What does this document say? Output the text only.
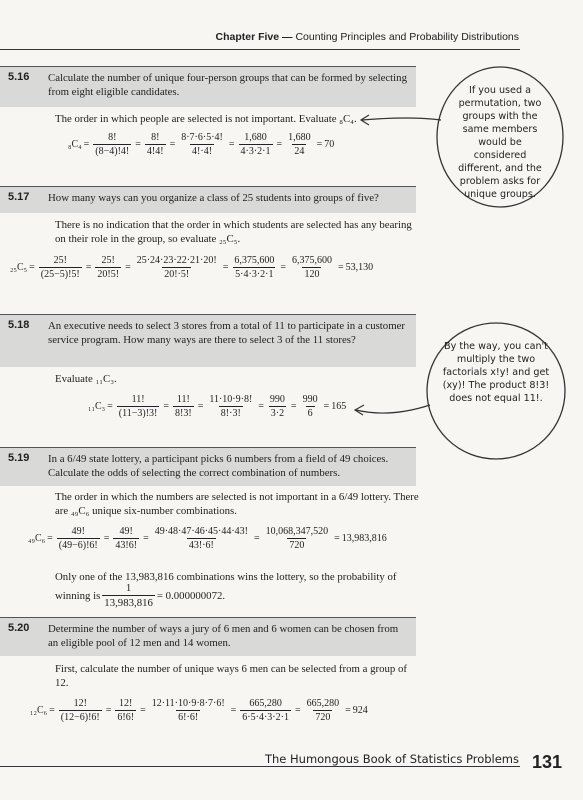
Chapter Five — Counting Principles and Probability Distributions
5.16 Calculate the number of unique four-person groups that can be formed by selecting from eight eligible candidates.
The order in which people are selected is not important. Evaluate ₈C₄.
$_8C_4 = \frac{8!}{(8-4)!4!} = \frac{8!}{4!4!} = \frac{8\cdot 7\cdot 6\cdot 5\cdot 4!}{4!\cdot 4!} = \frac{1,680}{4\cdot 3\cdot 2\cdot 1} = \frac{1,680}{24} = 70$
5.17 How many ways can you organize a class of 25 students into groups of five?
There is no indication that the order in which students are selected has any bearing on their role in the group, so evaluate ₂₅C₅.
$_{25}C_5 = \frac{25!}{(25-5)!5!} = \frac{25!}{20!5!} = \frac{25\cdot 24\cdot 23\cdot 22\cdot 21\cdot 20!}{20!\cdot 5!} = \frac{6,375,600}{5\cdot 4\cdot 3\cdot 2\cdot 1} = \frac{6,375,600}{120} = 53,130$
5.18 An executive needs to select 3 stores from a total of 11 to participate in a customer service program. How many ways are there to select 3 of the 11 stores?
Evaluate ₁₁C₃.
$_{11}C_3 = \frac{11!}{(11-3)!3!} = \frac{11!}{8!3!} = \frac{11\cdot 10\cdot 9\cdot 8!}{8!\cdot 3!} = \frac{990}{3\cdot 2} = \frac{990}{6} = 165$
5.19 In a 6/49 state lottery, a participant picks 6 numbers from a field of 49 choices. Calculate the odds of selecting the correct combination of numbers.
The order in which the numbers are selected is not important in a 6/49 lottery. There are ₄₉C₆ unique six-number combinations.
$_{49}C_6 = \frac{49!}{(49-6)!6!} = \frac{49!}{43!6!} = \frac{49\cdot 48\cdot 47\cdot 46\cdot 45\cdot 44\cdot 43!}{43!\cdot 6!} = \frac{10,068,347,520}{720} = 13,983,816$
Only one of the 13,983,816 combinations wins the lottery, so the probability of
winning is $\frac{1}{13,983,816} = 0.000000072$.
5.20 Determine the number of ways a jury of 6 men and 6 women can be chosen from an eligible pool of 12 men and 14 women.
First, calculate the number of unique ways 6 men can be selected from a group of 12.
$_{12}C_6 = \frac{12!}{(12-6)!6!} = \frac{12!}{6!6!} = \frac{12\cdot 11\cdot 10\cdot 9\cdot 8\cdot 7\cdot 6!}{6!\cdot 6!} = \frac{665,280}{6\cdot 5\cdot 4\cdot 3\cdot 2\cdot 1} = \frac{665,280}{720} = 924$
If you used a permutation, two groups with the same members would be considered different, and the problem asks for unique groups.
By the way, you can't multiply the two factorials x!y! and get (xy)! The product 8!3! does not equal 11!.
The Humongous Book of Statistics Problems 131
